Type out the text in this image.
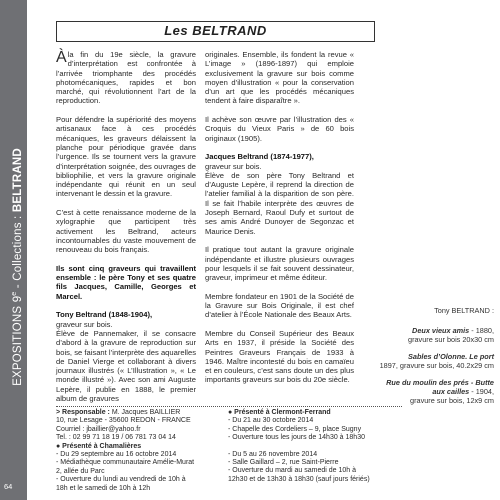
EXPOSITIONS 9e - Collections : BELTRAND
64
Les BELTRAND

Àla fin du 19e siècle, la gravure d’interprétation est confrontée à l’arrivée triomphante des procédés photomécaniques, rapides et bon marché, qui révolutionnent l’art de la reproduction.

Pour défendre la supériorité des moyens artisanaux face à ces procédés mécaniques, les graveurs délaissent la planche pour périodique gravée dans l’urgence. Ils se tournent vers la gravure d’interprétation soignée, des ouvrages de bibliophilie, et vers la gravure originale indépendante qui réunit en un seul intervenant le dessin et la gravure.

C’est à cette renaissance moderne de la xylographie que participent très activement les Beltrand, acteurs incontournables du vaste mouvement de renouveau du bois français.

Ils sont cinq graveurs qui travaillent ensemble : le père Tony et ses quatre fils Jacques, Camille, Georges et Marcel.

Tony Beltrand (1848-1904),
graveur sur bois.

Élève de Pannemaker, il se consacre d’abord à la gravure de reproduction sur bois, se faisant l’interprète des aquarelles de Daniel Vierge et collaborant à divers journaux illustrés (« L’Illustration », « Le monde illustré »). Avec son ami Auguste Lepère, il publie en 1888, le premier album de gravures

originales. Ensemble, ils fondent la revue « L’image » (1896-1897) qui emploie exclusivement la gravure sur bois comme moyen d’illustration « pour la conservation d’un art que les procédés mécaniques tendent à faire disparaître ».

Il achève son œuvre par l’illustration des « Croquis du Vieux Paris » de 60 bois originaux (1905).

Jacques Beltrand (1874-1977),
graveur sur bois.

Élève de son père Tony Beltrand et d’Auguste Lepère, il reprend la direction de l’atelier familial à la disparition de son père. Il se fait l’habile interprète des œuvres de Joseph Bernard, Raoul Dufy et surtout de ses amis André Dunoyer de Segonzac et Maurice Denis.

Il pratique tout autant la gravure originale indépendante et illustre plusieurs ouvrages pour lesquels il se fait souvent dessinateur, graveur, imprimeur et même éditeur.

Membre fondateur en 1901 de la Société de la Gravure sur Bois Originale, il est chef d’atelier à l’École Nationale des Beaux Arts.

Membre du Conseil Supérieur des Beaux Arts en 1937, il préside la Société des Peintres Graveurs Français de 1933 à 1946. Maître incontesté du bois en camaïeu et en couleurs, c’est sans doute un des plus importants graveurs sur bois du 20e siècle.

Tony BELTRAND :
Deux vieux amis - 1880,
gravure sur bois 20x30 cm
Sables d’Olonne. Le port
1897, gravure sur bois, 40.2x29 cm
Rue du moulin des prés - Butte aux cailles - 1904,
gravure sur bois, 12x9 cm
> Responsable : M. Jacques BAILLIER
10, rue Lesage - 35600 REDON - FRANCE
Courriel : jbaillier@yahoo.fr
Tel. : 02 99 71 18 19 / 06 781 73 04 14
● Présenté à Chamalières
- Du 29 septembre au 16 octobre 2014
- Médiathèque communautaire Amélie-Murat
2, allée du Parc
- Ouverture du lundi au vendredi de 10h à
18h et le samedi de 10h à 12h
● Présenté à Clermont-Ferrand
- Du 21 au 30 octobre 2014
- Chapelle des Cordeliers – 9, place Sugny
- Ouverture tous les jours de 14h30 à 18h30
- Du 5 au 26 novembre 2014
- Salle Gaillard – 2, rue Saint-Pierre
- Ouverture du mardi au samedi de 10h à
12h30 et de 13h30 à 18h30 (sauf jours fériés)
